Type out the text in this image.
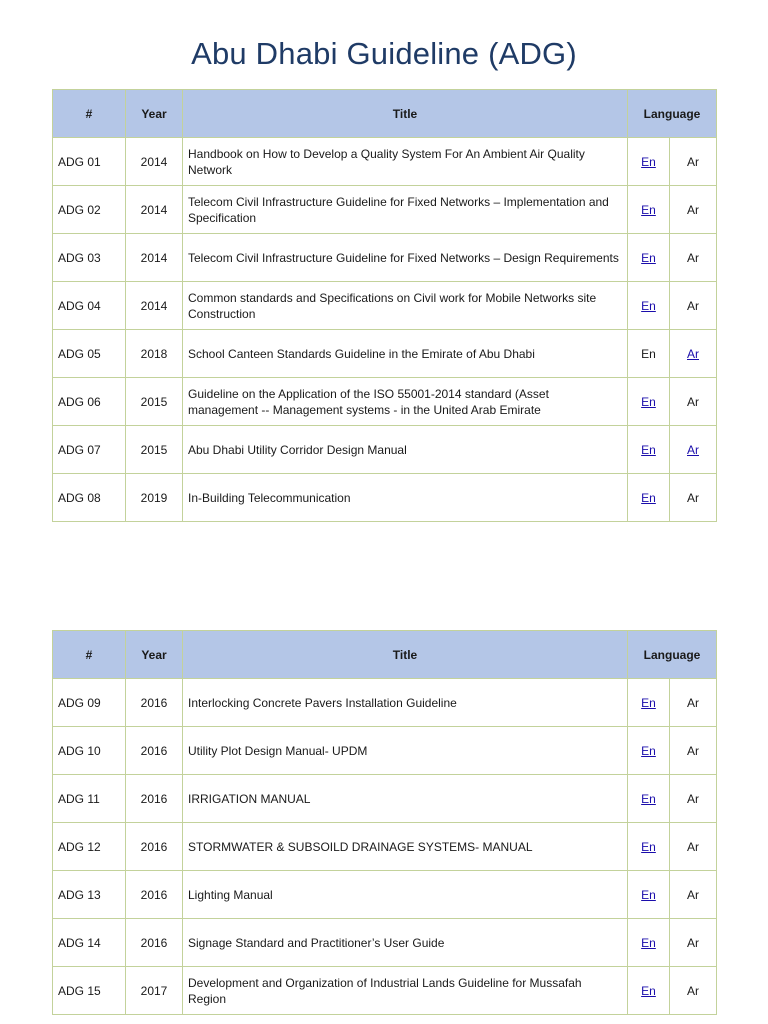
Abu Dhabi Guideline (ADG)
#	Year	Title	Language	
ADG 01	2014	Handbook on How to Develop a Quality System For An Ambient Air Quality Network	En	Ar
ADG 02	2014	Telecom Civil Infrastructure Guideline for Fixed Networks – Implementation and Specification	En	Ar
ADG 03	2014	Telecom Civil Infrastructure Guideline for Fixed Networks – Design Requirements	En	Ar
ADG 04	2014	Common standards and Specifications on Civil work for Mobile Networks site Construction	En	Ar
ADG 05	2018	School Canteen Standards Guideline in the Emirate of Abu Dhabi	En	Ar
ADG 06	2015	Guideline on the Application of the ISO 55001-2014 standard (Asset management -- Management systems - in the United Arab Emirate	En	Ar
ADG 07	2015	Abu Dhabi Utility Corridor Design Manual	En	Ar
ADG 08	2019	In-Building Telecommunication	En	Ar
#	Year	Title	Language	
ADG 09	2016	Interlocking Concrete Pavers Installation Guideline	En	Ar
ADG 10	2016	Utility Plot Design Manual- UPDM	En	Ar
ADG 11	2016	IRRIGATION MANUAL	En	Ar
ADG 12	2016	STORMWATER & SUBSOILD DRAINAGE SYSTEMS- MANUAL	En	Ar
ADG 13	2016	Lighting Manual	En	Ar
ADG 14	2016	Signage Standard and Practitioner’s User Guide	En	Ar
ADG 15	2017	Development and Organization of Industrial Lands Guideline for Mussafah Region	En	Ar
